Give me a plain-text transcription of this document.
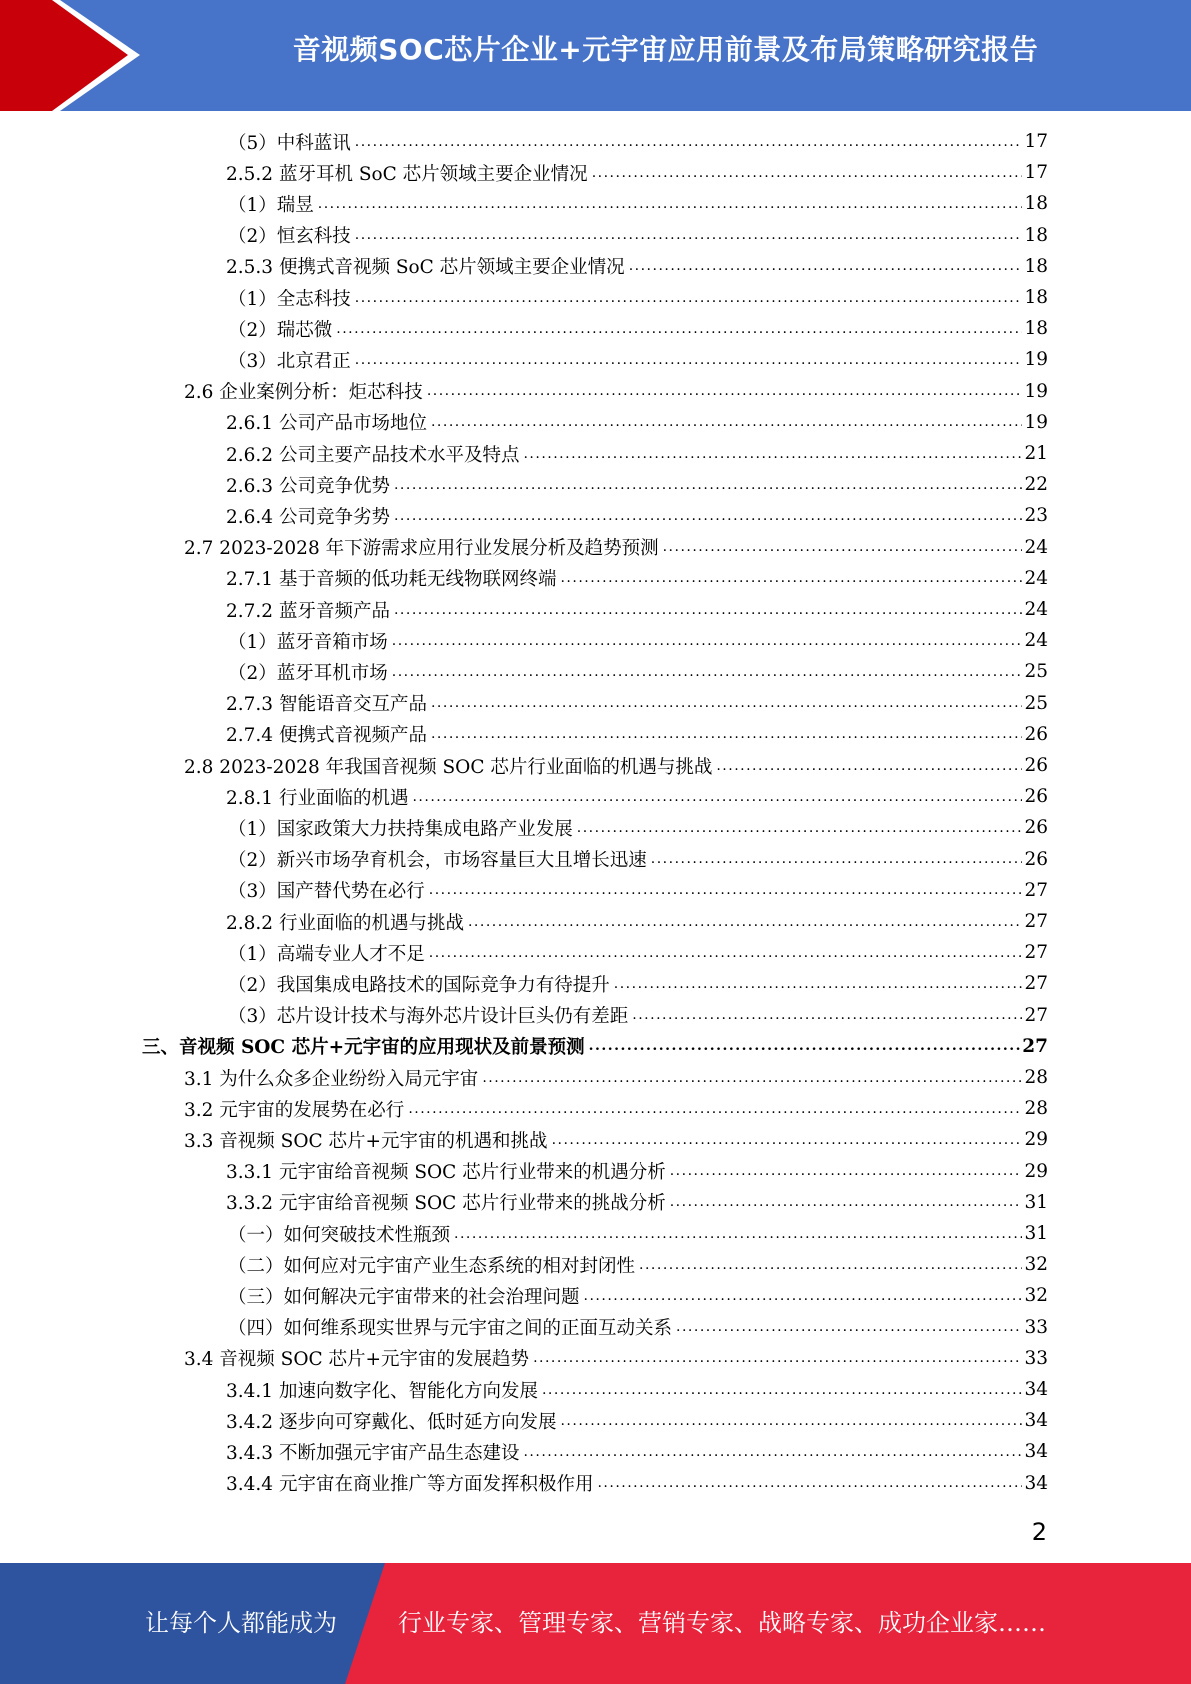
音视频SOC芯片企业+元宇宙应用前景及布局策略研究报告
（5）中科蓝讯 .....	17
2.5.2 蓝牙耳机 SoC 芯片领域主要企业情况 .....	17
（1）瑞昱 .....	18
（2）恒玄科技 .....	18
2.5.3 便携式音视频 SoC 芯片领域主要企业情况 .....	18
（1）全志科技 .....	18
（2）瑞芯微 .....	18
（3）北京君正 .....	19
2.6 企业案例分析：炬芯科技 .....	19
2.6.1 公司产品市场地位 .....	19
2.6.2 公司主要产品技术水平及特点 .....	21
2.6.3 公司竞争优势 .....	22
2.6.4 公司竞争劣势 .....	23
2.7 2023-2028 年下游需求应用行业发展分析及趋势预测 .....	24
2.7.1 基于音频的低功耗无线物联网终端 .....	24
2.7.2 蓝牙音频产品 .....	24
（1）蓝牙音箱市场 .....	24
（2）蓝牙耳机市场 .....	25
2.7.3 智能语音交互产品 .....	25
2.7.4 便携式音视频产品 .....	26
2.8 2023-2028 年我国音视频 SOC 芯片行业面临的机遇与挑战 .....	26
2.8.1 行业面临的机遇 .....	26
（1）国家政策大力扶持集成电路产业发展 .....	26
（2）新兴市场孕育机会，市场容量巨大且增长迅速 .....	26
（3）国产替代势在必行 .....	27
2.8.2 行业面临的机遇与挑战 .....	27
（1）高端专业人才不足 .....	27
（2）我国集成电路技术的国际竞争力有待提升 .....	27
（3）芯片设计技术与海外芯片设计巨头仍有差距 .....	27
三、音视频 SOC 芯片+元宇宙的应用现状及前景预测 .....	27
3.1 为什么众多企业纷纷入局元宇宙 .....	28
3.2 元宇宙的发展势在必行 .....	28
3.3 音视频 SOC 芯片+元宇宙的机遇和挑战 .....	29
3.3.1 元宇宙给音视频 SOC 芯片行业带来的机遇分析 .....	29
3.3.2 元宇宙给音视频 SOC 芯片行业带来的挑战分析 .....	31
（一）如何突破技术性瓶颈 .....	31
（二）如何应对元宇宙产业生态系统的相对封闭性 .....	32
（三）如何解决元宇宙带来的社会治理问题 .....	32
（四）如何维系现实世界与元宇宙之间的正面互动关系 .....	33
3.4 音视频 SOC 芯片+元宇宙的发展趋势 .....	33
3.4.1 加速向数字化、智能化方向发展 .....	34
3.4.2 逐步向可穿戴化、低时延方向发展 .....	34
3.4.3 不断加强元宇宙产品生态建设 .....	34
3.4.4 元宇宙在商业推广等方面发挥积极作用 .....	34
2
让每个人都能成为	行业专家、管理专家、营销专家、战略专家、成功企业家……
